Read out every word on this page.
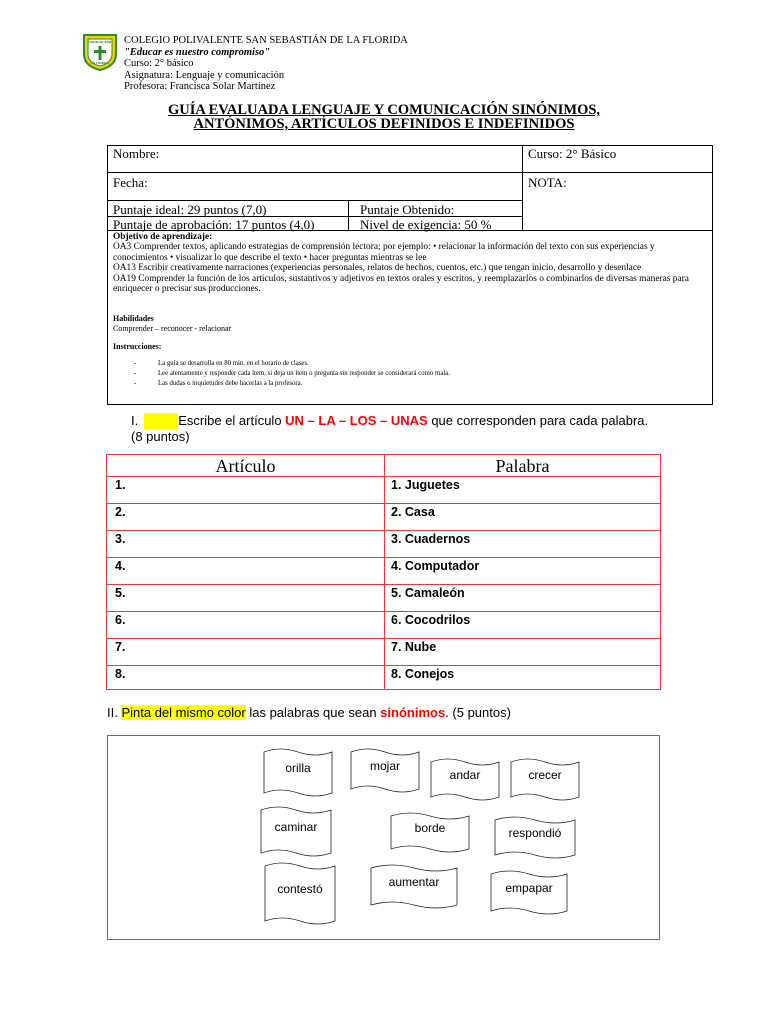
COLEGIO SAN
LA FLORIDA
COLEGIO POLIVALENTE SAN SEBASTIÁN DE LA FLORIDA
"Educar es nuestro compromiso"
Curso: 2° básico
Asignatura: Lenguaje y comunicación
Profesora: Francisca Solar Martínez
GUÍA EVALUADA LENGUAJE Y COMUNICACIÓN SINÓNIMOS,
ANTÓNIMOS, ARTÍCULOS DEFINIDOS E INDEFINIDOS
Nombre:	Curso: 2° Básico
Fecha:	NOTA:
Puntaje ideal: 29 puntos (7,0)	Puntaje Obtenido:
Puntaje de aprobación: 17 puntos (4,0)	Nivel de exigencia: 50 %
Objetivo de aprendizaje:
OA3 Comprender textos, aplicando estrategias de comprensión lectora; por ejemplo: • relacionar la información del texto con sus experiencias y conocimientos • visualizar lo que describe el texto • hacer preguntas mientras se lee
OA13 Escribir creativamente narraciones (experiencias personales, relatos de hechos, cuentos, etc.) que tengan inicio, desarrollo y desenlace
OA19 Comprender la función de los artículos, sustantivos y adjetivos en textos orales y escritos, y reemplazarlos o combinarlos de diversas maneras para enriquecer o precisar sus producciones.
Habilidades
Comprender – reconocer - relacionar
Instrucciones:
- La guía se desarrolla en 80 min. en el horario de clases.
- Lee atentamente y responder cada ítem, si deja un ítem o pregunta sin responder se considerará como mala.
- Las dudas o inquietudes debe hacerlas a la profesora.
I.	Escribe el artículo UN – LA – LOS – UNAS que corresponden para cada palabra. (8 puntos)
Artículo	Palabra
1.	1. Juguetes
2.	2. Casa
3.	3. Cuadernos
4.	4. Computador
5.	5. Camaleón
6.	6. Cocodrilos
7.	7. Nube
8.	8. Conejos
II. Pinta del mismo color las palabras que sean sinónimos. (5 puntos)
orilla	mojar
andar	crecer
caminar	borde	respondió
contestó	aumentar	empapar
